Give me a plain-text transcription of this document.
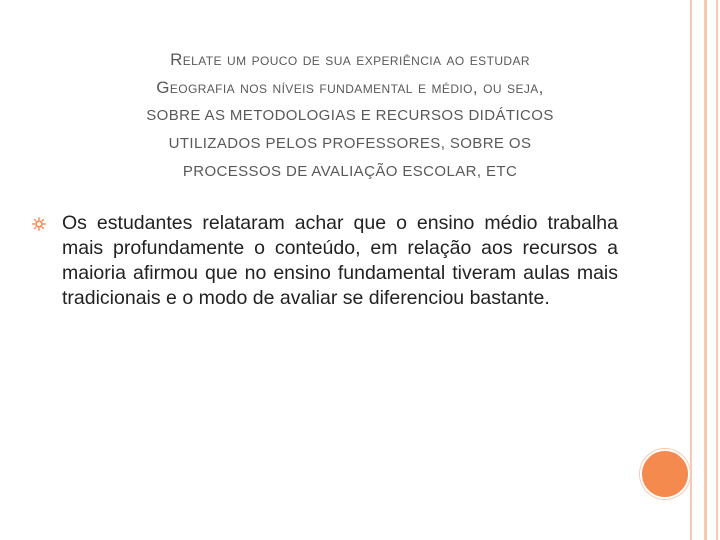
Relate um pouco de sua experiência ao estudar
Geografia nos níveis fundamental e médio, ou seja,
SOBRE AS METODOLOGIAS E RECURSOS DIDÁTICOS
UTILIZADOS PELOS PROFESSORES, SOBRE OS
PROCESSOS DE AVALIAÇÃO ESCOLAR, ETC
Os estudantes relataram achar que o ensino médio trabalha mais profundamente o conteúdo, em relação aos recursos a maioria afirmou que no ensino fundamental tiveram aulas mais tradicionais e o modo de avaliar se diferenciou bastante.
